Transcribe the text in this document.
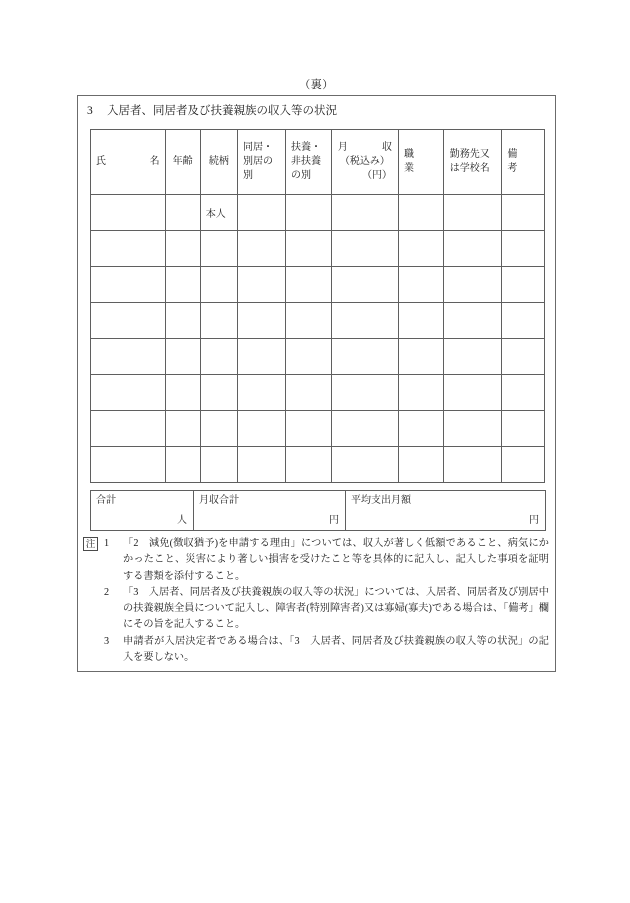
（裏）
3 入居者、同居者及び扶養親族の収入等の状況
氏　　名	年齢	続柄	同居・
別居の
別	扶養・
非扶養
の別	月　　収
（税込み）
（円）	職　　業	勤務先又
は学校名	備　　考

		本人						

合計
人

月収合計
円

平均支出月額
円
注 1	「2　減免(徴収猶予)を申請する理由」については、収入が著しく低額であること、病気にかかったこと、災害により著しい損害を受けたこと等を具体的に記入し、記入した事項を証明する書類を添付すること。
2	「3　入居者、同居者及び扶養親族の収入等の状況」については、入居者、同居者及び別居中の扶養親族全員について記入し、障害者(特別障害者)又は寡婦(寡夫)である場合は、「備考」欄にその旨を記入すること。
3	申請者が入居決定者である場合は、「3　入居者、同居者及び扶養親族の収入等の状況」の記入を要しない。
